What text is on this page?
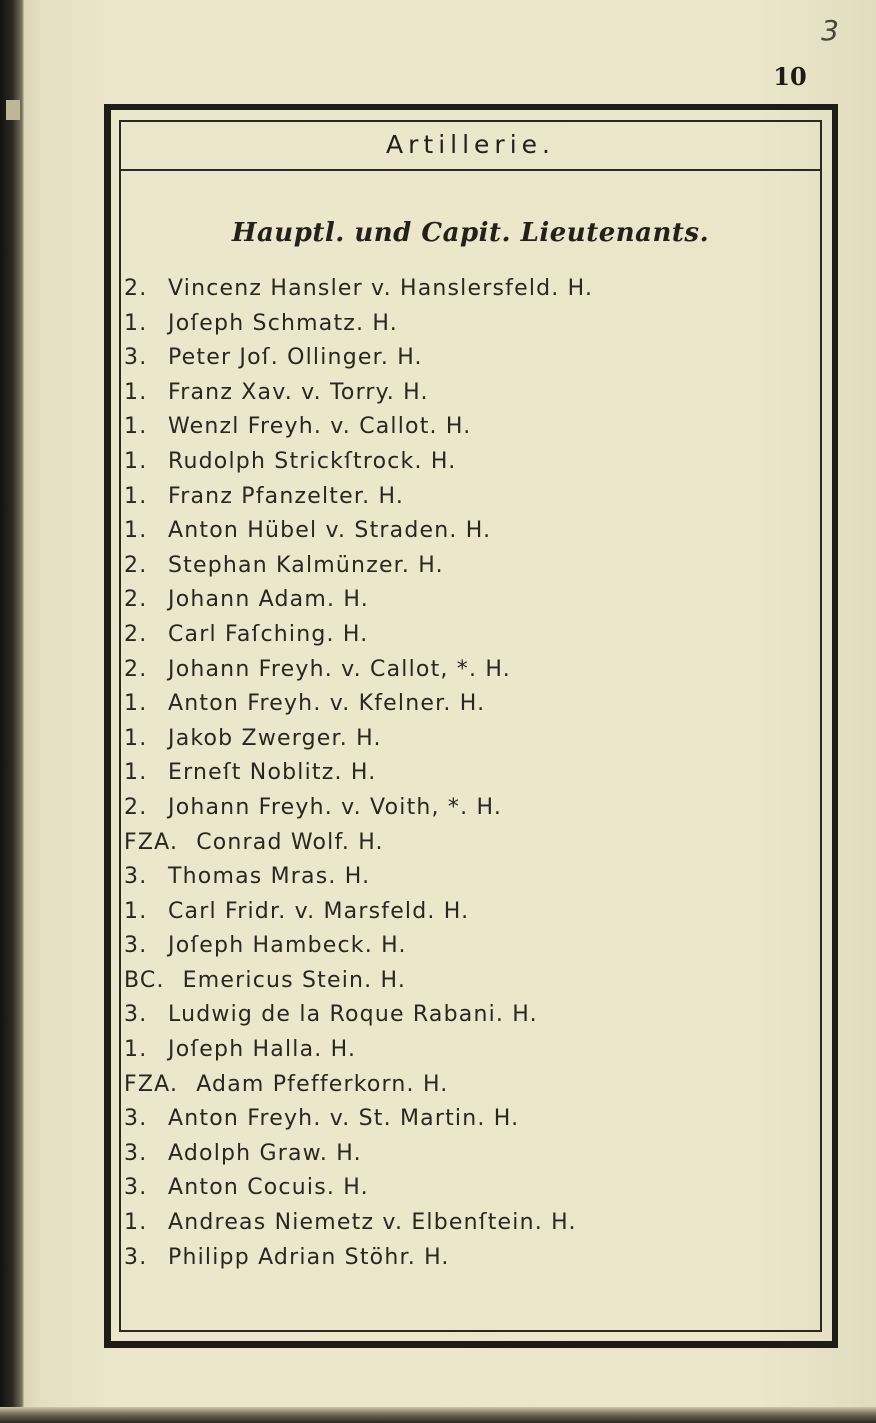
3
10
Artillerie.
Hauptl. und Capit. Lieutenants.
2. Vincenz Hansler v. Hanslersfeld. H.
1. Joſeph Schmatz. H.
3. Peter Joſ. Ollinger. H.
1. Franz Xav. v. Torry. H.
1. Wenzl Freyh. v. Callot. H.
1. Rudolph Strickſtrock. H.
1. Franz Pfanzelter. H.
1. Anton Hübel v. Straden. H.
2. Stephan Kalmünzer. H.
2. Johann Adam. H.
2. Carl Faſching. H.
2. Johann Freyh. v. Callot, *. H.
1. Anton Freyh. v. Kfelner. H.
1. Jakob Zwerger. H.
1. Erneſt Noblitz. H.
2. Johann Freyh. v. Voith, *. H.
FZA. Conrad Wolf. H.
3. Thomas Mras. H.
1. Carl Fridr. v. Marsfeld. H.
3. Joſeph Hambeck. H.
BC. Emericus Stein. H.
3. Ludwig de la Roque Rabani. H.
1. Joſeph Halla. H.
FZA. Adam Pfefferkorn. H.
3. Anton Freyh. v. St. Martin. H.
3. Adolph Graw. H.
3. Anton Cocuis. H.
1. Andreas Niemetz v. Elbenſtein. H.
3. Philipp Adrian Stöhr. H.
